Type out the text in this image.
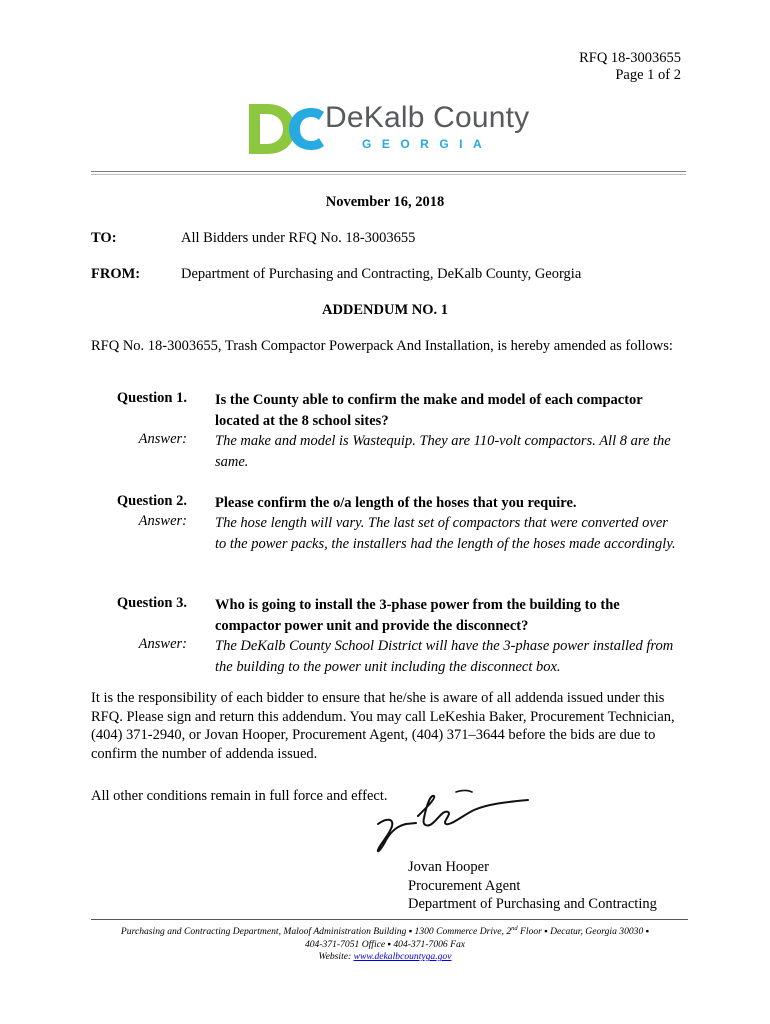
RFQ 18-3003655
Page 1 of 2
DeKalb County
GEORGIA
November 16, 2018
TO:	All Bidders under RFQ No. 18-3003655
FROM:	Department of Purchasing and Contracting, DeKalb County, Georgia
ADDENDUM NO. 1
RFQ No. 18-3003655, Trash Compactor Powerpack And Installation, is hereby amended as follows:
Question 1. Is the County able to confirm the make and model of each compactor located at the 8 school sites?
Answer: The make and model is Wastequip. They are 110-volt compactors. All 8 are the same.
Question 2. Please confirm the o/a length of the hoses that you require.
Answer: The hose length will vary. The last set of compactors that were converted over to the power packs, the installers had the length of the hoses made accordingly.
Question 3. Who is going to install the 3-phase power from the building to the compactor power unit and provide the disconnect?
Answer: The DeKalb County School District will have the 3-phase power installed from the building to the power unit including the disconnect box.
It is the responsibility of each bidder to ensure that he/she is aware of all addenda issued under this RFQ. Please sign and return this addendum. You may call LeKeshia Baker, Procurement Technician, (404) 371-2940, or Jovan Hooper, Procurement Agent, (404) 371–3644 before the bids are due to confirm the number of addenda issued.
All other conditions remain in full force and effect.
Jovan Hooper
Procurement Agent
Department of Purchasing and Contracting
Purchasing and Contracting Department, Maloof Administration Building ▪ 1300 Commerce Drive, 2nd Floor ▪ Decatur, Georgia 30030 ▪
404-371-7051 Office ▪ 404-371-7006 Fax
Website: www.dekalbcountyga.gov
